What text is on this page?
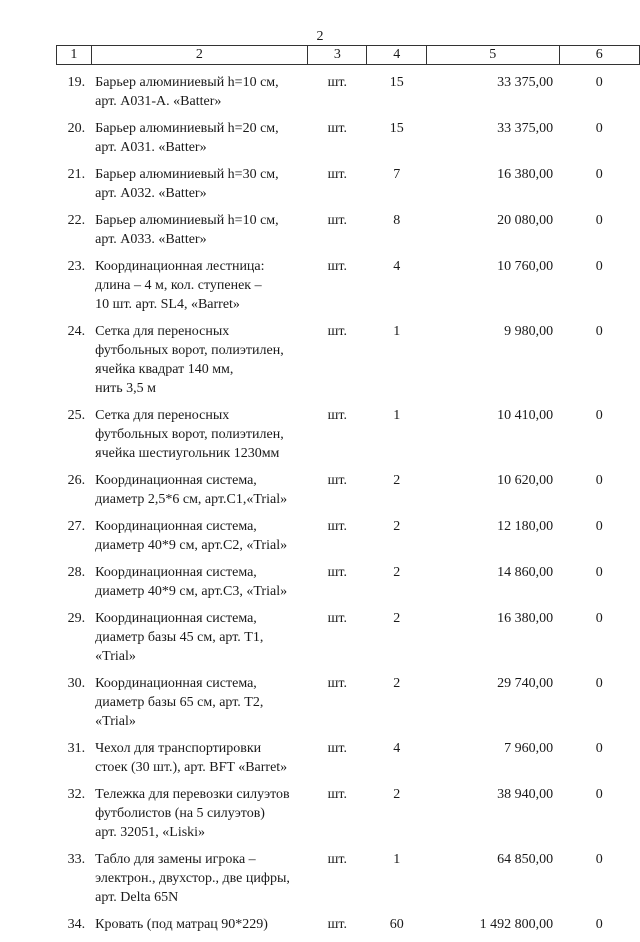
2
1	2	3	4	5	6

19.	Барьер алюминиевый h=10 см,
арт. А031-А. «Batter»	шт.	15	33 375,00	0

20.	Барьер алюминиевый h=20 см,
арт. А031. «Batter»	шт.	15	33 375,00	0

21.	Барьер алюминиевый h=30 см,
арт. А032. «Batter»	шт.	7	16 380,00	0

22.	Барьер алюминиевый h=10 см,
арт. А033. «Batter»	шт.	8	20 080,00	0

23.	Координационная лестница:
длина – 4 м, кол. ступенек –
10 шт. арт. SL4, «Barret»	шт.	4	10 760,00	0

24.	Сетка для переносных
футбольных ворот, полиэтилен,
ячейка квадрат 140 мм,
нить 3,5 м	шт.	1	9 980,00	0

25.	Сетка для переносных
футбольных ворот, полиэтилен,
ячейка шестиугольник 1230мм	шт.	1	10 410,00	0

26.	Координационная система,
диаметр 2,5*6 см, арт.С1,«Trial»	шт.	2	10 620,00	0

27.	Координационная система,
диаметр 40*9 см, арт.С2, «Trial»	шт.	2	12 180,00	0

28.	Координационная система,
диаметр 40*9 см, арт.С3, «Trial»	шт.	2	14 860,00	0

29.	Координационная система,
диаметр базы 45 см, арт. Т1,
«Trial»	шт.	2	16 380,00	0

30.	Координационная система,
диаметр базы 65 см, арт. Т2,
«Trial»	шт.	2	29 740,00	0

31.	Чехол для транспортировки
стоек (30 шт.), арт. BFT «Barret»	шт.	4	7 960,00	0

32.	Тележка для перевозки силуэтов
футболистов (на 5 силуэтов)
арт. 32051, «Liski»	шт.	2	38 940,00	0

33.	Табло для замены игрока –
электрон., двухстор., две цифры,
арт. Delta 65N	шт.	1	64 850,00	0

34.	Кровать (под матрац 90*229)	шт.	60	1 492 800,00	0
